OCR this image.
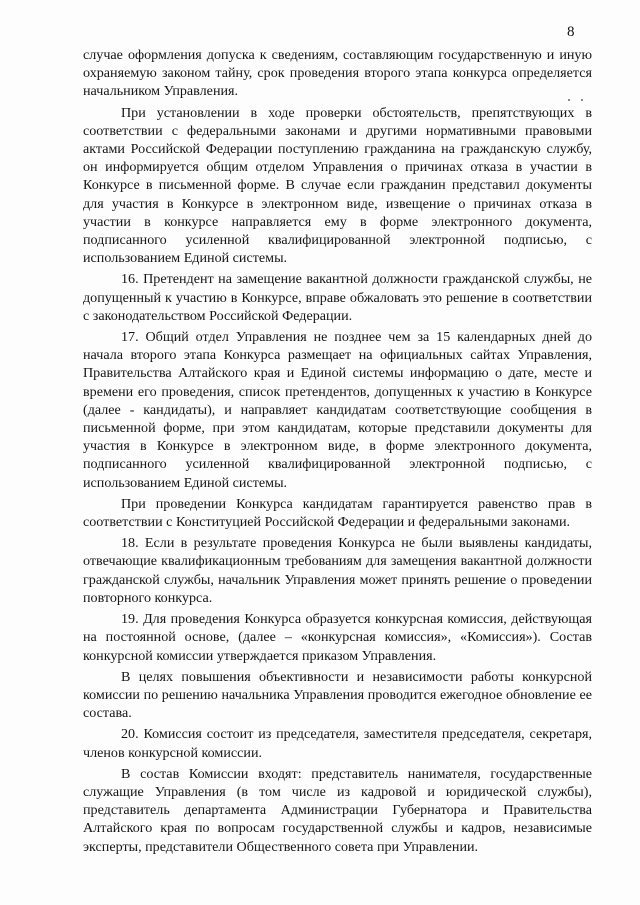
8

случае оформления допуска к сведениям, составляющим государственную и иную охраняемую законом тайну, срок проведения второго этапа конкурса определяется начальником Управления.

При установлении в ходе проверки обстоятельств, препятствующих в соответствии с федеральными законами и другими нормативными правовыми актами Российской Федерации поступлению гражданина на гражданскую службу, он информируется общим отделом Управления о причинах отказа в участии в Конкурсе в письменной форме. В случае если гражданин представил документы для участия в Конкурсе в электронном виде, извещение о причинах отказа в участии в конкурсе направляется ему в форме электронного документа, подписанного усиленной квалифицированной электронной подписью, с использованием Единой системы.

16. Претендент на замещение вакантной должности гражданской службы, не допущенный к участию в Конкурсе, вправе обжаловать это решение в соответствии с законодательством Российской Федерации.

17. Общий отдел Управления не позднее чем за 15 календарных дней до начала второго этапа Конкурса размещает на официальных сайтах Управления, Правительства Алтайского края и Единой системы информацию о дате, месте и времени его проведения, список претендентов, допущенных к участию в Конкурсе (далее - кандидаты), и направляет кандидатам соответствующие сообщения в письменной форме, при этом кандидатам, которые представили документы для участия в Конкурсе в электронном виде, в форме электронного документа, подписанного усиленной квалифицированной электронной подписью, с использованием Единой системы.

При проведении Конкурса кандидатам гарантируется равенство прав в соответствии с Конституцией Российской Федерации и федеральными законами.

18. Если в результате проведения Конкурса не были выявлены кандидаты, отвечающие квалификационным требованиям для замещения вакантной должности гражданской службы, начальник Управления может принять решение о проведении повторного конкурса.

19. Для проведения Конкурса образуется конкурсная комиссия, действующая на постоянной основе, (далее – «конкурсная комиссия», «Комиссия»). Состав конкурсной комиссии утверждается приказом Управления.

В целях повышения объективности и независимости работы конкурсной комиссии по решению начальника Управления проводится ежегодное обновление ее состава.

20. Комиссия состоит из председателя, заместителя председателя, секретаря, членов конкурсной комиссии.

В состав Комиссии входят: представитель нанимателя, государственные служащие Управления (в том числе из кадровой и юридической службы), представитель департамента Администрации Губернатора и Правительства Алтайского края по вопросам государственной службы и кадров, независимые эксперты, представители Общественного совета при Управлении.
